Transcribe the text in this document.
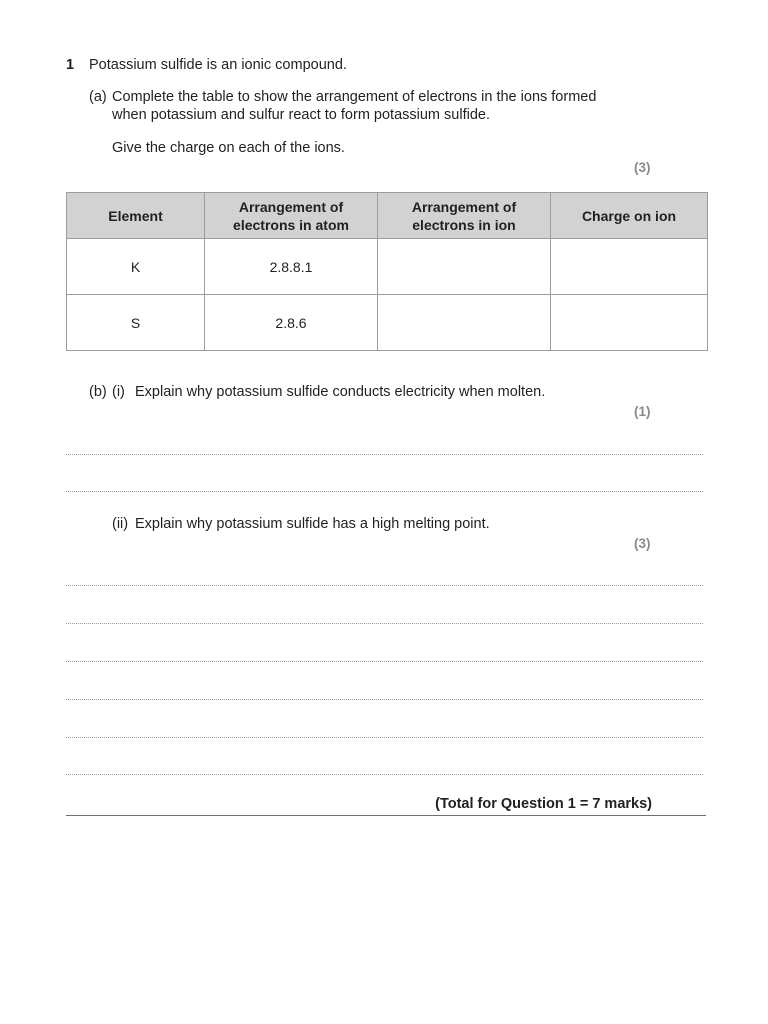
1 Potassium sulfide is an ionic compound.
(a) Complete the table to show the arrangement of electrons in the ions formed
when potassium and sulfur react to form potassium sulfide.
Give the charge on each of the ions.
(3)
Element	Arrangement of electrons in atom	Arrangement of electrons in ion	Charge on ion
K	2.8.8.1		
S	2.8.6		
(b) (i) Explain why potassium sulfide conducts electricity when molten.
(1)
(ii) Explain why potassium sulfide has a high melting point.
(3)
(Total for Question 1 = 7 marks)
